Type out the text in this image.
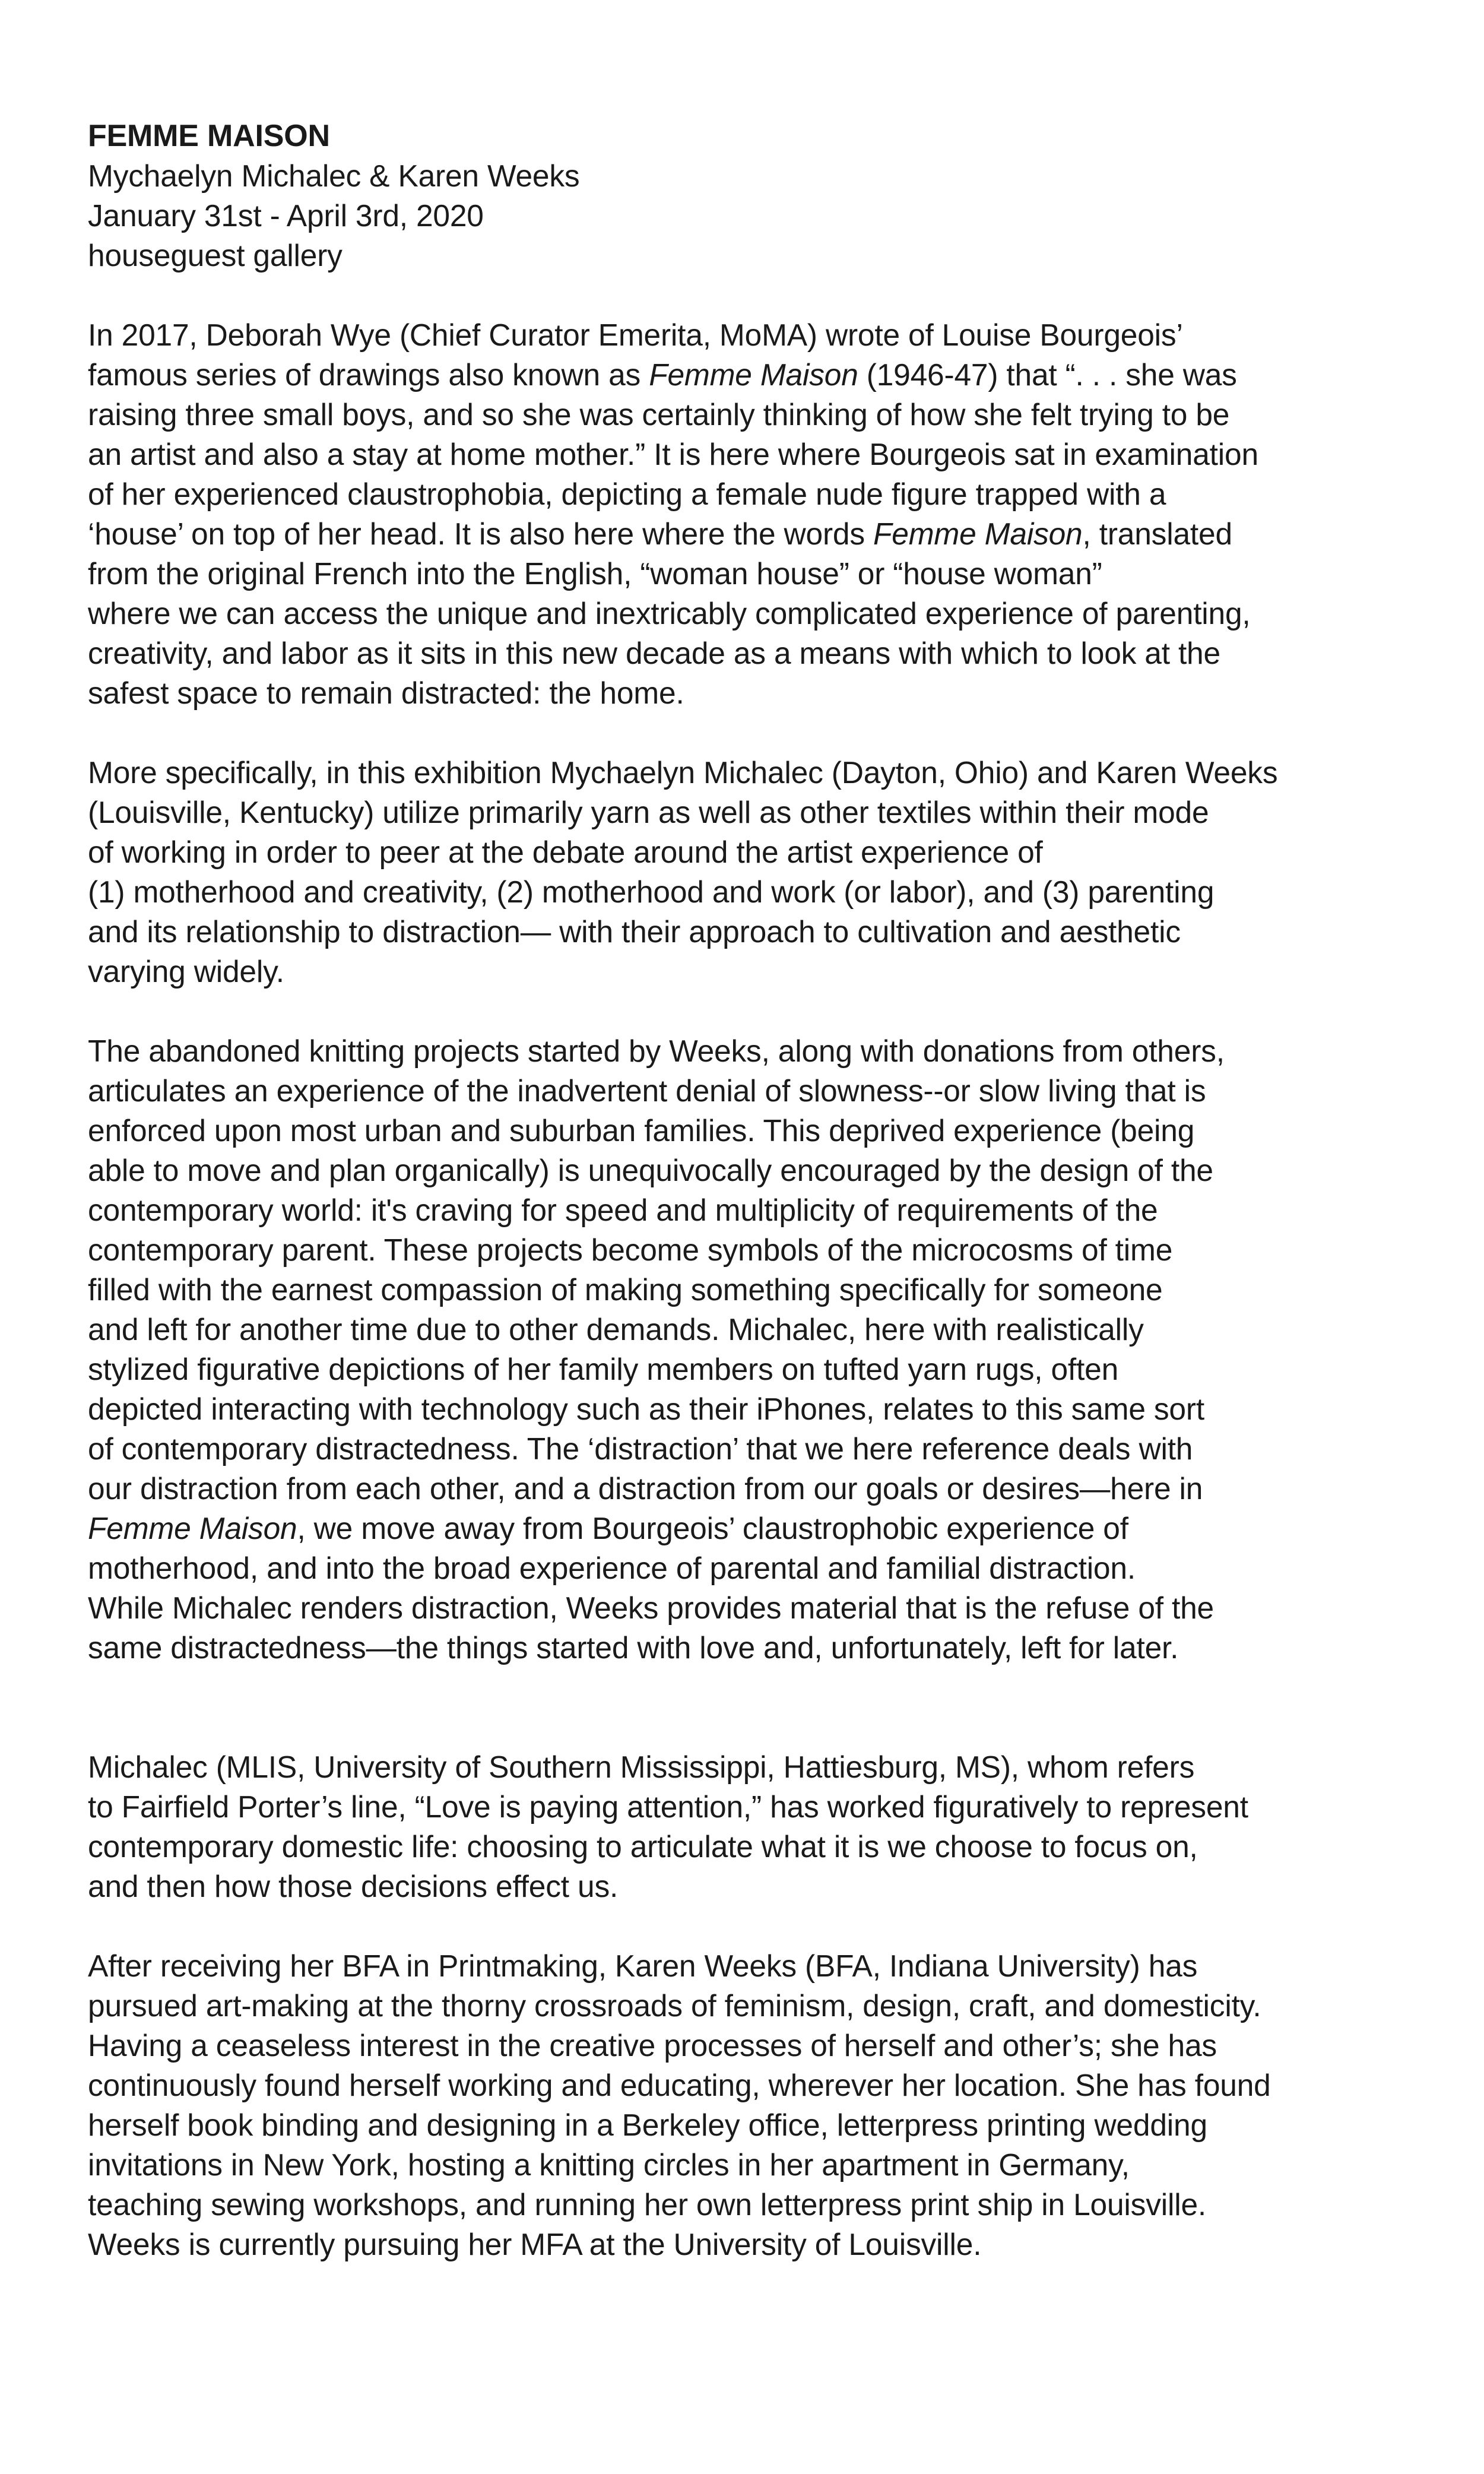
FEMME MAISON
Mychaelyn Michalec & Karen Weeks
January 31st - April 3rd, 2020
houseguest gallery
In 2017, Deborah Wye (Chief Curator Emerita, MoMA) wrote of Louise Bourgeois’
famous series of drawings also known as Femme Maison (1946-47) that “. . . she was
raising three small boys, and so she was certainly thinking of how she felt trying to be
an artist and also a stay at home mother.” It is here where Bourgeois sat in examination
of her experienced claustrophobia, depicting a female nude figure trapped with a
‘house’ on top of her head. It is also here where the words Femme Maison, translated
from the original French into the English, “woman house” or “house woman”
where we can access the unique and inextricably complicated experience of parenting,
creativity, and labor as it sits in this new decade as a means with which to look at the
safest space to remain distracted: the home.
More specifically, in this exhibition Mychaelyn Michalec (Dayton, Ohio) and Karen Weeks
(Louisville, Kentucky) utilize primarily yarn as well as other textiles within their mode
of working in order to peer at the debate around the artist experience of
(1) motherhood and creativity, (2) motherhood and work (or labor), and (3) parenting
and its relationship to distraction— with their approach to cultivation and aesthetic
varying widely.
The abandoned knitting projects started by Weeks, along with donations from others,
articulates an experience of the inadvertent denial of slowness--or slow living that is
enforced upon most urban and suburban families. This deprived experience (being
able to move and plan organically) is unequivocally encouraged by the design of the
contemporary world: it's craving for speed and multiplicity of requirements of the
contemporary parent. These projects become symbols of the microcosms of time
filled with the earnest compassion of making something specifically for someone
and left for another time due to other demands. Michalec, here with realistically
stylized figurative depictions of her family members on tufted yarn rugs, often
depicted interacting with technology such as their iPhones, relates to this same sort
of contemporary distractedness. The ‘distraction’ that we here reference deals with
our distraction from each other, and a distraction from our goals or desires—here in
Femme Maison, we move away from Bourgeois’ claustrophobic experience of
motherhood, and into the broad experience of parental and familial distraction.
While Michalec renders distraction, Weeks provides material that is the refuse of the
same distractedness—the things started with love and, unfortunately, left for later.
Michalec (MLIS, University of Southern Mississippi, Hattiesburg, MS), whom refers
to Fairfield Porter’s line, “Love is paying attention,” has worked figuratively to represent
contemporary domestic life: choosing to articulate what it is we choose to focus on,
and then how those decisions effect us.
After receiving her BFA in Printmaking, Karen Weeks (BFA, Indiana University) has
pursued art-making at the thorny crossroads of feminism, design, craft, and domesticity.
Having a ceaseless interest in the creative processes of herself and other’s; she has
continuously found herself working and educating, wherever her location. She has found
herself book binding and designing in a Berkeley office, letterpress printing wedding
invitations in New York, hosting a knitting circles in her apartment in Germany,
teaching sewing workshops, and running her own letterpress print ship in Louisville.
Weeks is currently pursuing her MFA at the University of Louisville.
